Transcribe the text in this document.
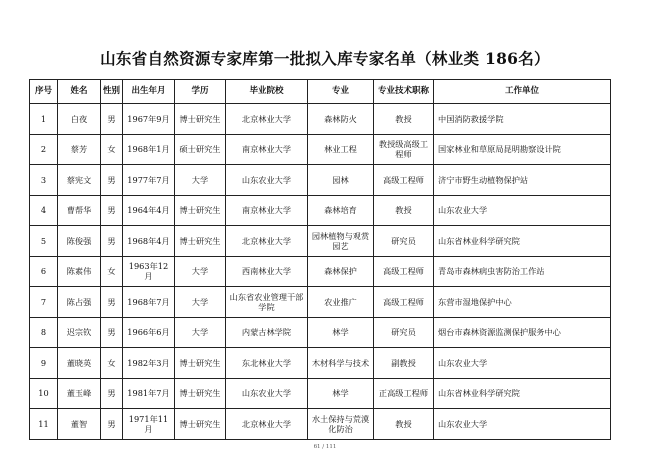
山东省自然资源专家库第一批拟入库专家名单（林业类 186名）
序号	姓名	性别	出生年月	学历	毕业院校	专业	专业技术职称	工作单位
1	白夜	男	1967年9月	博士研究生	北京林业大学	森林防火	教授	中国消防救援学院
2	蔡芳	女	1968年1月	硕士研究生	南京林业大学	林业工程	教授级高级工程师	国家林业和草原局昆明勘察设计院
3	蔡宪文	男	1977年7月	大学	山东农业大学	园林	高级工程师	济宁市野生动植物保护站
4	曹帮华	男	1964年4月	博士研究生	南京林业大学	森林培育	教授	山东农业大学
5	陈俊强	男	1968年4月	博士研究生	北京林业大学	园林植物与观赏园艺	研究员	山东省林业科学研究院
6	陈素伟	女	1963年12月	大学	西南林业大学	森林保护	高级工程师	青岛市森林病虫害防治工作站
7	陈占强	男	1968年7月	大学	山东省农业管理干部学院	农业推广	高级工程师	东营市湿地保护中心
8	迟宗钦	男	1966年6月	大学	内蒙古林学院	林学	研究员	烟台市森林资源监测保护服务中心
9	董晓英	女	1982年3月	博士研究生	东北林业大学	木材科学与技术	副教授	山东农业大学
10	董玉峰	男	1981年7月	博士研究生	山东农业大学	林学	正高级工程师	山东省林业科学研究院
11	董智	男	1971年11月	博士研究生	北京林业大学	水土保持与荒漠化防治	教授	山东农业大学
61 / 111
